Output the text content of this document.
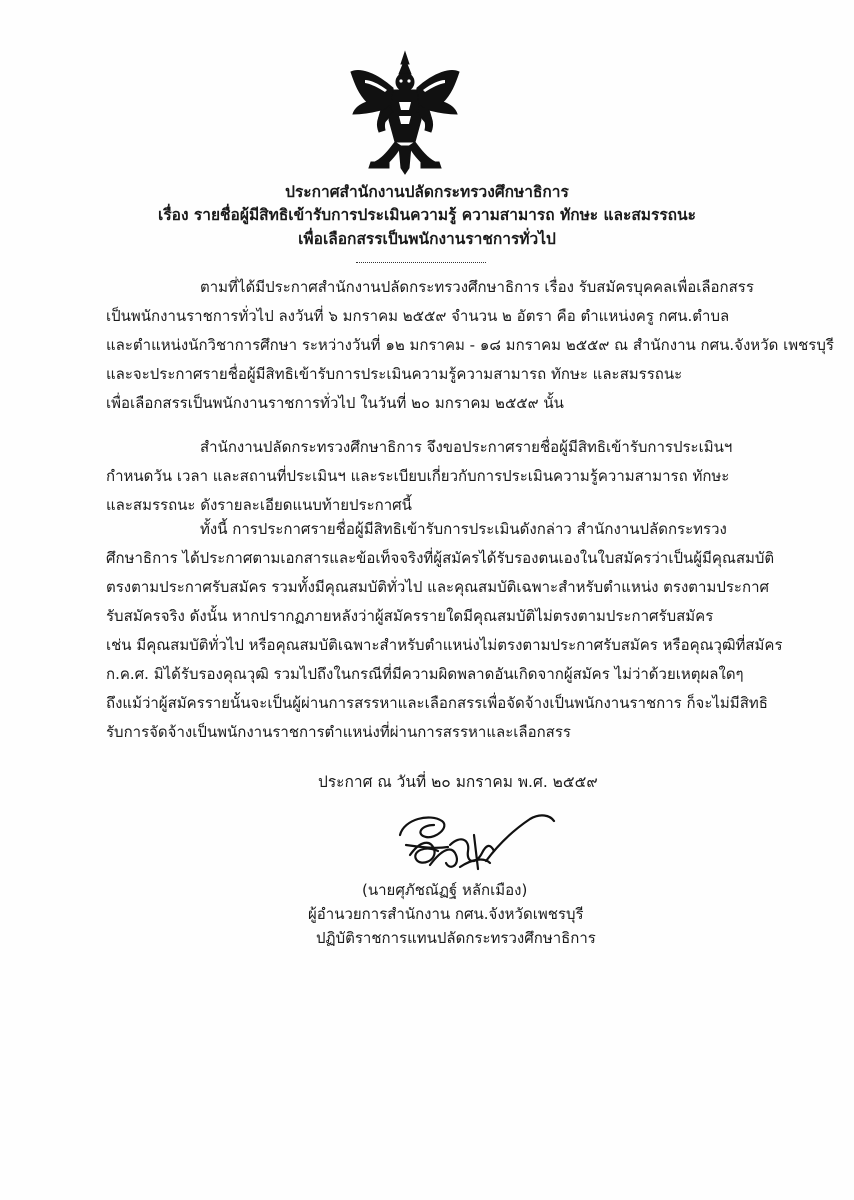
ประกาศสำนักงานปลัดกระทรวงศึกษาธิการ
เรื่อง รายชื่อผู้มีสิทธิเข้ารับการประเมินความรู้ ความสามารถ ทักษะ และสมรรถนะ
เพื่อเลือกสรรเป็นพนักงานราชการทั่วไป
ตามที่ได้มีประกาศสำนักงานปลัดกระทรวงศึกษาธิการ เรื่อง รับสมัครบุคคลเพื่อเลือกสรร
เป็นพนักงานราชการทั่วไป ลงวันที่ ๖ มกราคม ๒๕๕๙ จำนวน ๒ อัตรา คือ ตำแหน่งครู กศน.ตำบล
และตำแหน่งนักวิชาการศึกษา ระหว่างวันที่ ๑๒ มกราคม - ๑๘ มกราคม ๒๕๕๙ ณ สำนักงาน กศน.จังหวัด เพชรบุรี
และจะประกาศรายชื่อผู้มีสิทธิเข้ารับการประเมินความรู้ความสามารถ ทักษะ และสมรรถนะ
เพื่อเลือกสรรเป็นพนักงานราชการทั่วไป ในวันที่ ๒๐ มกราคม ๒๕๕๙ นั้น
สำนักงานปลัดกระทรวงศึกษาธิการ จึงขอประกาศรายชื่อผู้มีสิทธิเข้ารับการประเมินฯ
กำหนดวัน เวลา และสถานที่ประเมินฯ และระเบียบเกี่ยวกับการประเมินความรู้ความสามารถ ทักษะ
และสมรรถนะ ดังรายละเอียดแนบท้ายประกาศนี้
ทั้งนี้ การประกาศรายชื่อผู้มีสิทธิเข้ารับการประเมินดังกล่าว สำนักงานปลัดกระทรวง
ศึกษาธิการ ได้ประกาศตามเอกสารและข้อเท็จจริงที่ผู้สมัครได้รับรองตนเองในใบสมัครว่าเป็นผู้มีคุณสมบัติ
ตรงตามประกาศรับสมัคร รวมทั้งมีคุณสมบัติทั่วไป และคุณสมบัติเฉพาะสำหรับตำแหน่ง ตรงตามประกาศ
รับสมัครจริง ดังนั้น หากปรากฏภายหลังว่าผู้สมัครรายใดมีคุณสมบัติไม่ตรงตามประกาศรับสมัคร
เช่น มีคุณสมบัติทั่วไป หรือคุณสมบัติเฉพาะสำหรับตำแหน่งไม่ตรงตามประกาศรับสมัคร หรือคุณวุฒิที่สมัคร
ก.ค.ศ. มิได้รับรองคุณวุฒิ รวมไปถึงในกรณีที่มีความผิดพลาดอันเกิดจากผู้สมัคร ไม่ว่าด้วยเหตุผลใดๆ
ถึงแม้ว่าผู้สมัครรายนั้นจะเป็นผู้ผ่านการสรรหาและเลือกสรรเพื่อจัดจ้างเป็นพนักงานราชการ ก็จะไม่มีสิทธิ
รับการจัดจ้างเป็นพนักงานราชการตำแหน่งที่ผ่านการสรรหาและเลือกสรร
ประกาศ ณ วันที่ ๒๐ มกราคม พ.ศ. ๒๕๕๙
(นายศุภัชณัฏฐ์ หลักเมือง)
ผู้อำนวยการสำนักงาน กศน.จังหวัดเพชรบุรี
ปฏิบัติราชการแทนปลัดกระทรวงศึกษาธิการ
